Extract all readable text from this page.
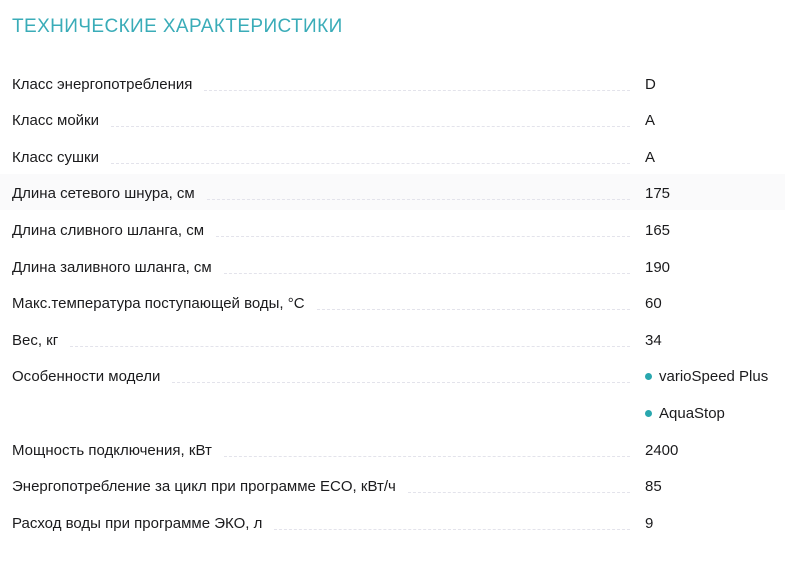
ТЕХНИЧЕСКИЕ ХАРАКТЕРИСТИКИ
Класс энергопотребления	D
Класс мойки	A
Класс сушки	A
Длина сетевого шнура, см	175
Длина сливного шланга, см	165
Длина заливного шланга, см	190
Макс.температура поступающей воды, °C	60
Вес, кг	34
Особенности модели	varioSpeed Plus
AquaStop
Мощность подключения, кВт	2400
Энергопотребление за цикл при программе ECO, кВт/ч	85
Расход воды при программе ЭКО, л	9
